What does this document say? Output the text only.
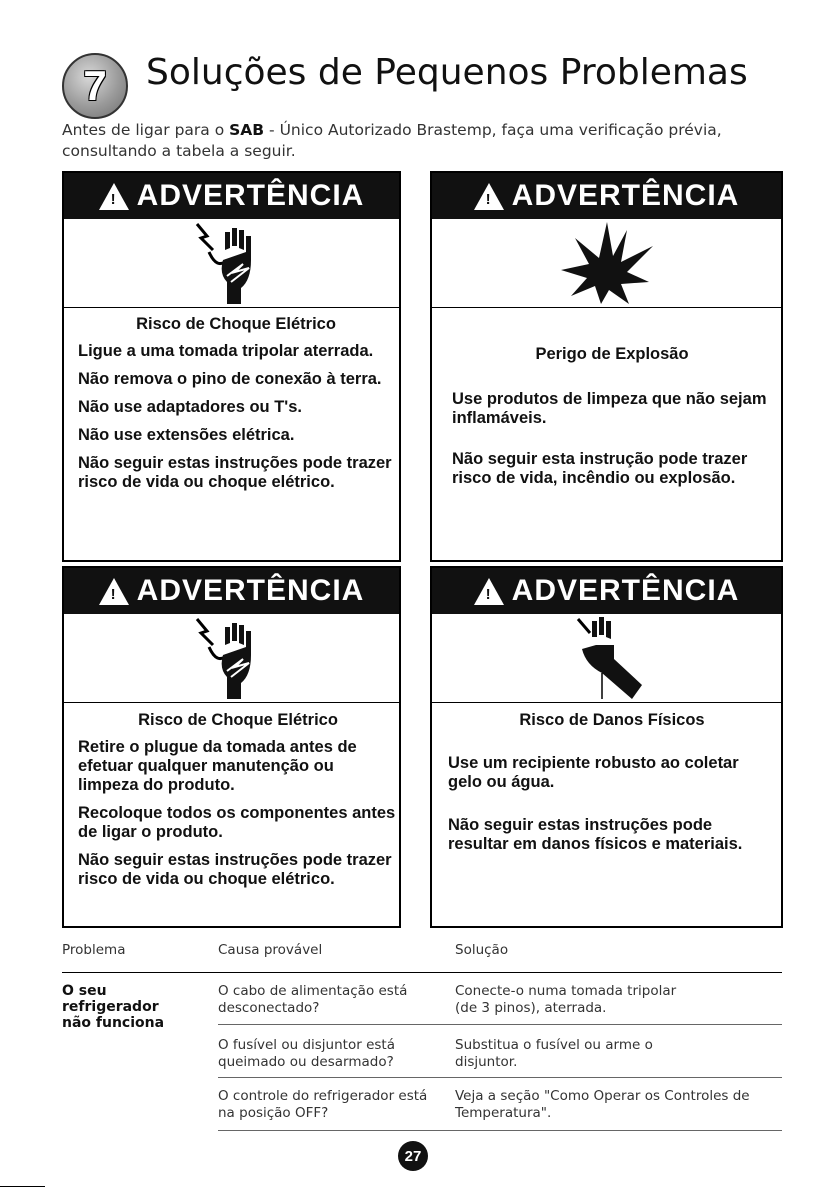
7 Soluções de Pequenos Problemas
Antes de ligar para o SAB - Único Autorizado Brastemp, faça uma verificação prévia, consultando a tabela a seguir.
! ADVERTÊNCIA
Risco de Choque Elétrico

Ligue a uma tomada tripolar aterrada.

Não remova o pino de conexão à terra.

Não use adaptadores ou T's.

Não use extensões elétrica.

Não seguir estas instruções pode trazer risco de vida ou choque elétrico.

! ADVERTÊNCIA
Perigo de Explosão

Use produtos de limpeza que não sejam inflamáveis.

Não seguir esta instrução pode trazer risco de vida, incêndio ou explosão.

! ADVERTÊNCIA
Risco de Choque Elétrico

Retire o plugue da tomada antes de efetuar qualquer manutenção ou limpeza do produto.

Recoloque todos os componentes antes de ligar o produto.

Não seguir estas instruções pode trazer risco de vida ou choque elétrico.

! ADVERTÊNCIA
Risco de Danos Físicos

Use um recipiente robusto ao coletar gelo ou água.

Não seguir estas instruções pode resultar em danos físicos e materiais.

Problema	Causa provável	Solução
O seu refrigerador não funciona
O cabo de alimentação está desconectado?
Conecte-o numa tomada tripolar (de 3 pinos), aterrada.
O fusível ou disjuntor está queimado ou desarmado?
Substitua o fusível ou arme o disjuntor.
O controle do refrigerador está na posição OFF?
Veja a seção "Como Operar os Controles de Temperatura".
27
